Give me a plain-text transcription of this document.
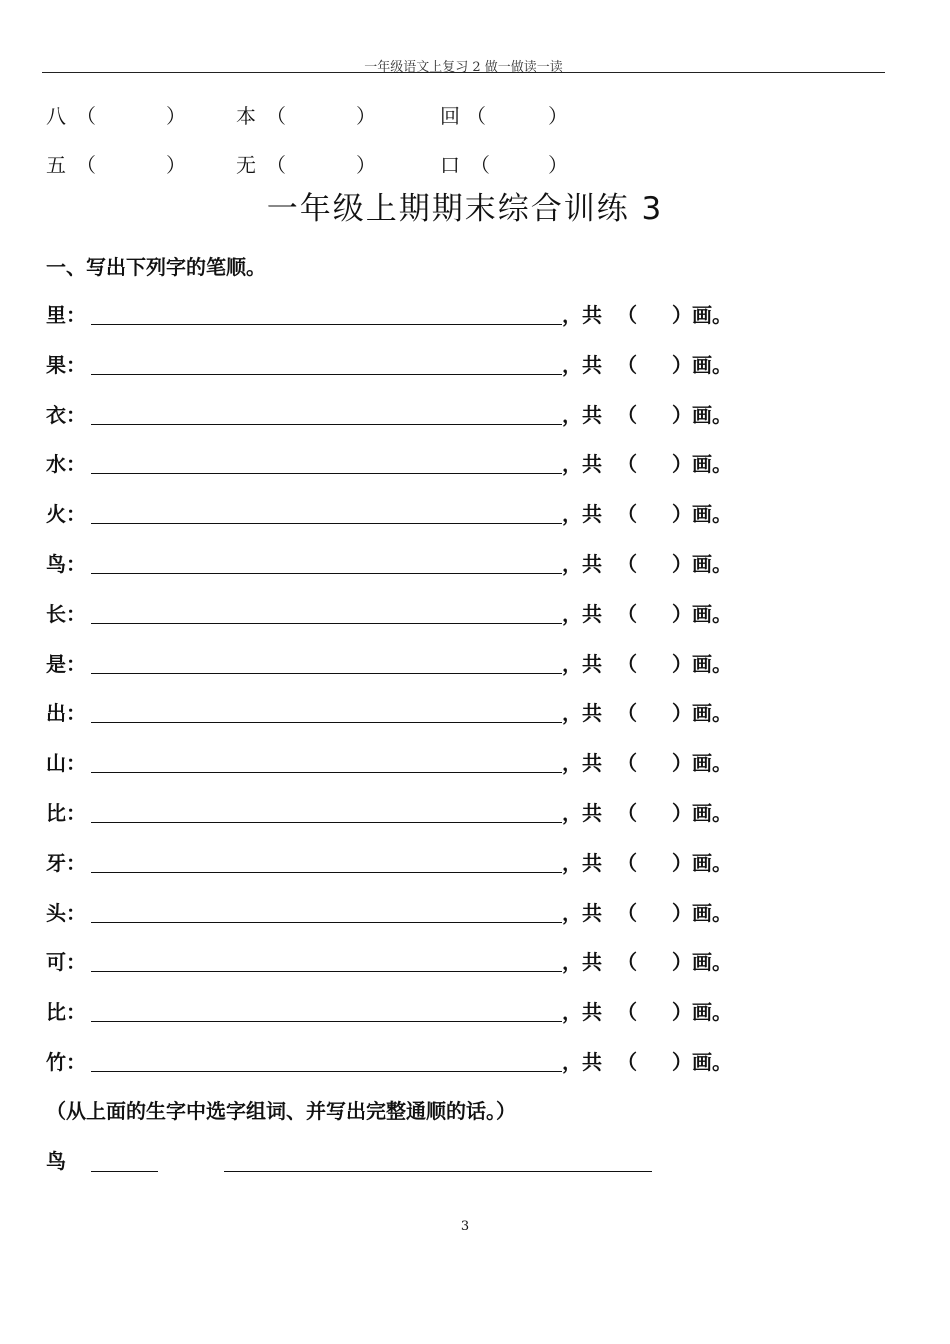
一年级语文上复习 2 做一做读一读
八 （	）	本 （	）	回 （	）
五 （	）	无 （	）	口 （	）
一年级上期期末综合训练 3
一、写出下列字的笔顺。
里：	，共 （ ）画。
果：	，共 （ ）画。
衣：	，共 （ ）画。
水：	，共 （ ）画。
火：	，共 （ ）画。
鸟：	，共 （ ）画。
长：	，共 （ ）画。
是：	，共 （ ）画。
出：	，共 （ ）画。
山：	，共 （ ）画。
比：	，共 （ ）画。
牙：	，共 （ ）画。
头：	，共 （ ）画。
可：	，共 （ ）画。
比：	，共 （ ）画。
竹：	，共 （ ）画。
（从上面的生字中选字组词、并写出完整通顺的话。）
鸟
3
